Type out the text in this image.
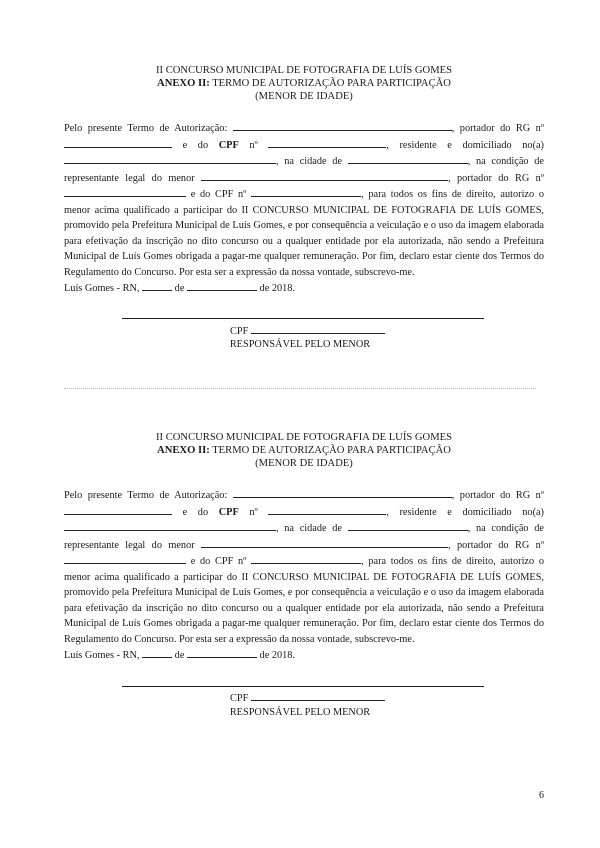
II CONCURSO MUNICIPAL DE FOTOGRAFIA DE LUÍS GOMES
ANEXO II: TERMO DE AUTORIZAÇÃO PARA PARTICIPAÇÃO
(MENOR DE IDADE)
Pelo presente Termo de Autorização:	, portador do RG nº
e do CPF nº	, residente e domiciliado no(a)
, na cidade de	, na condição de
representante legal do menor	, portador do RG nº
e do CPF nº	, para todos os fins de direito, autorizo o menor acima qualificado a participar do II CONCURSO MUNICIPAL DE FOTOGRAFIA DE LUÍS GOMES, promovido pela Prefeitura Municipal de Luís Gomes, e por consequência a veiculação e o uso da imagem elaborada para efetivação da inscrição no dito concurso ou a qualquer entidade por ela autorizada, não sendo a Prefeitura Municipal de Luís Gomes obrigada a pagar-me qualquer remuneração. Por fim, declaro estar ciente dos Termos do Regulamento do Concurso. Por esta ser a expressão da nossa vontade, subscrevo-me.
Luís Gomes - RN,	de	de 2018.
CPF
RESPONSÁVEL PELO MENOR
II CONCURSO MUNICIPAL DE FOTOGRAFIA DE LUÍS GOMES
ANEXO II: TERMO DE AUTORIZAÇÃO PARA PARTICIPAÇÃO
(MENOR DE IDADE)
Pelo presente Termo de Autorização:	, portador do RG nº
e do CPF nº	, residente e domiciliado no(a)
, na cidade de	, na condição de
representante legal do menor	, portador do RG nº
e do CPF nº	, para todos os fins de direito, autorizo o menor acima qualificado a participar do II CONCURSO MUNICIPAL DE FOTOGRAFIA DE LUÍS GOMES, promovido pela Prefeitura Municipal de Luís Gomes, e por consequência a veiculação e o uso da imagem elaborada para efetivação da inscrição no dito concurso ou a qualquer entidade por ela autorizada, não sendo a Prefeitura Municipal de Luís Gomes obrigada a pagar-me qualquer remuneração. Por fim, declaro estar ciente dos Termos do Regulamento do Concurso. Por esta ser a expressão da nossa vontade, subscrevo-me.
Luís Gomes - RN,	de	de 2018.
CPF
RESPONSÁVEL PELO MENOR
6
